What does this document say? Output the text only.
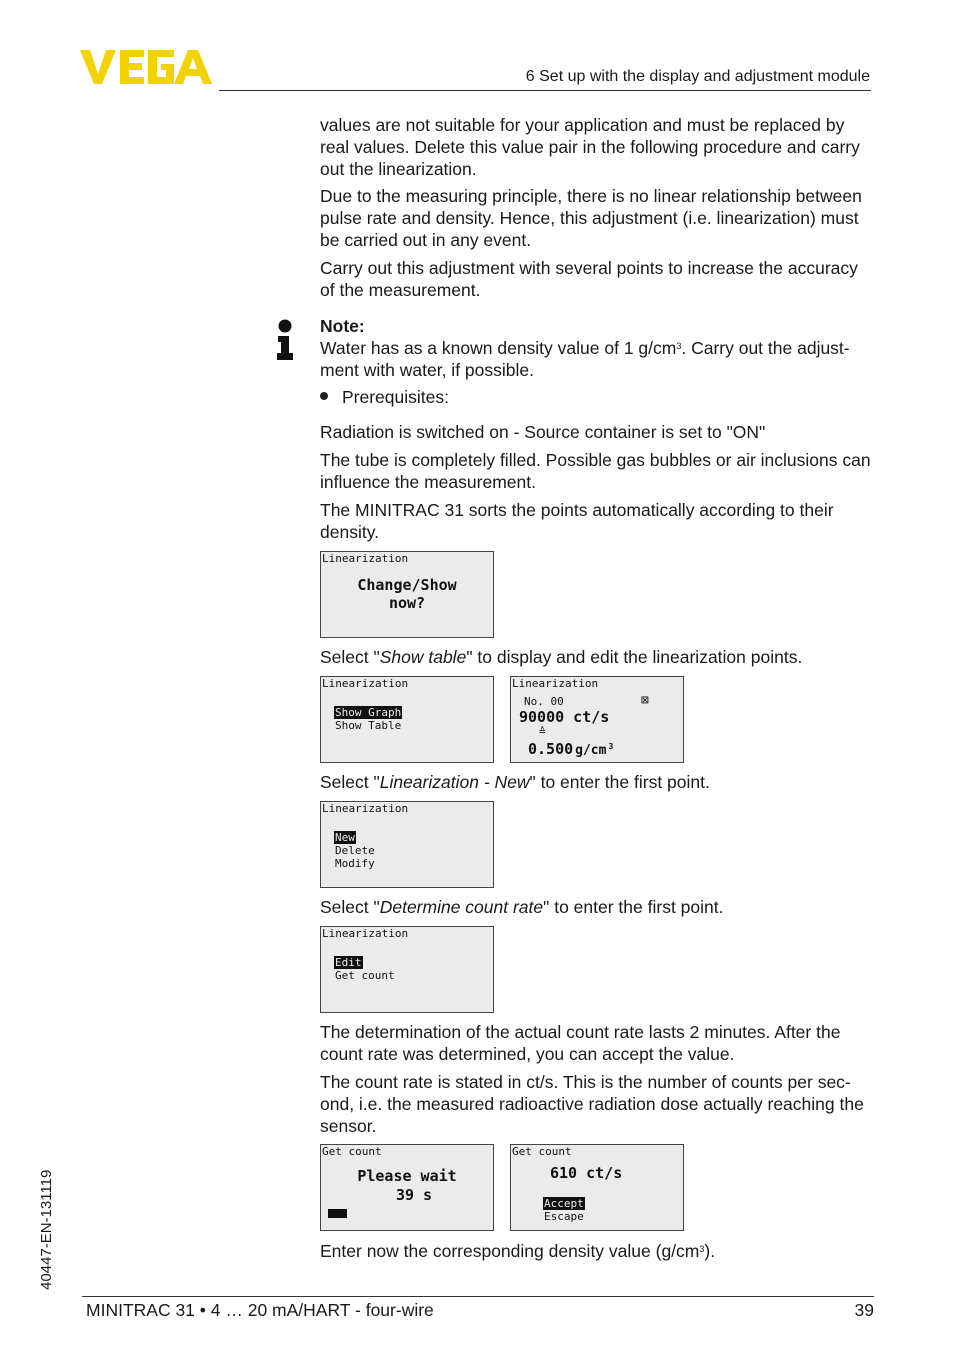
6 Set up with the display and adjustment module
values are not suitable for your application and must be replaced by real values. Delete this value pair in the following procedure and carry out the linearization.
Due to the measuring principle, there is no linear relationship between pulse rate and density. Hence, this adjustment (i.e. linearization) must be carried out in any event.
Carry out this adjustment with several points to increase the accuracy of the measurement.
Note:
Water has as a known density value of 1 $g/cm^3$. Carry out the adjust-ment with water, if possible.
Prerequisites:
Radiation is switched on - Source container is set to "ON"
The tube is completely filled. Possible gas bubbles or air inclusions can influence the measurement.
The MINITRAC 31 sorts the points automatically according to their density.
Linearization
Change/Show
now?
Select "Show table" to display and edit the linearization points.
Linearization
Show Graph
Show Table
Linearization
No. 00	⊠
90000 ct/s
≙
0.500 g/cm $^3$
Select "Linearization - New" to enter the first point.
Linearization
New
Delete
Modify
Select "Determine count rate" to enter the first point.
Linearization
Edit
Get count
The determination of the actual count rate lasts 2 minutes. After the count rate was determined, you can accept the value.
The count rate is stated in ct/s. This is the number of counts per sec-ond, i.e. the measured radioactive radiation dose actually reaching the sensor.
Get count
Please wait
39 s
Get count
610 ct/s
Accept
Escape
Enter now the corresponding density value $(g/cm^3)$.
40447-EN-131119
MINITRAC 31 • 4 … 20 mA/HART - four-wire	39
